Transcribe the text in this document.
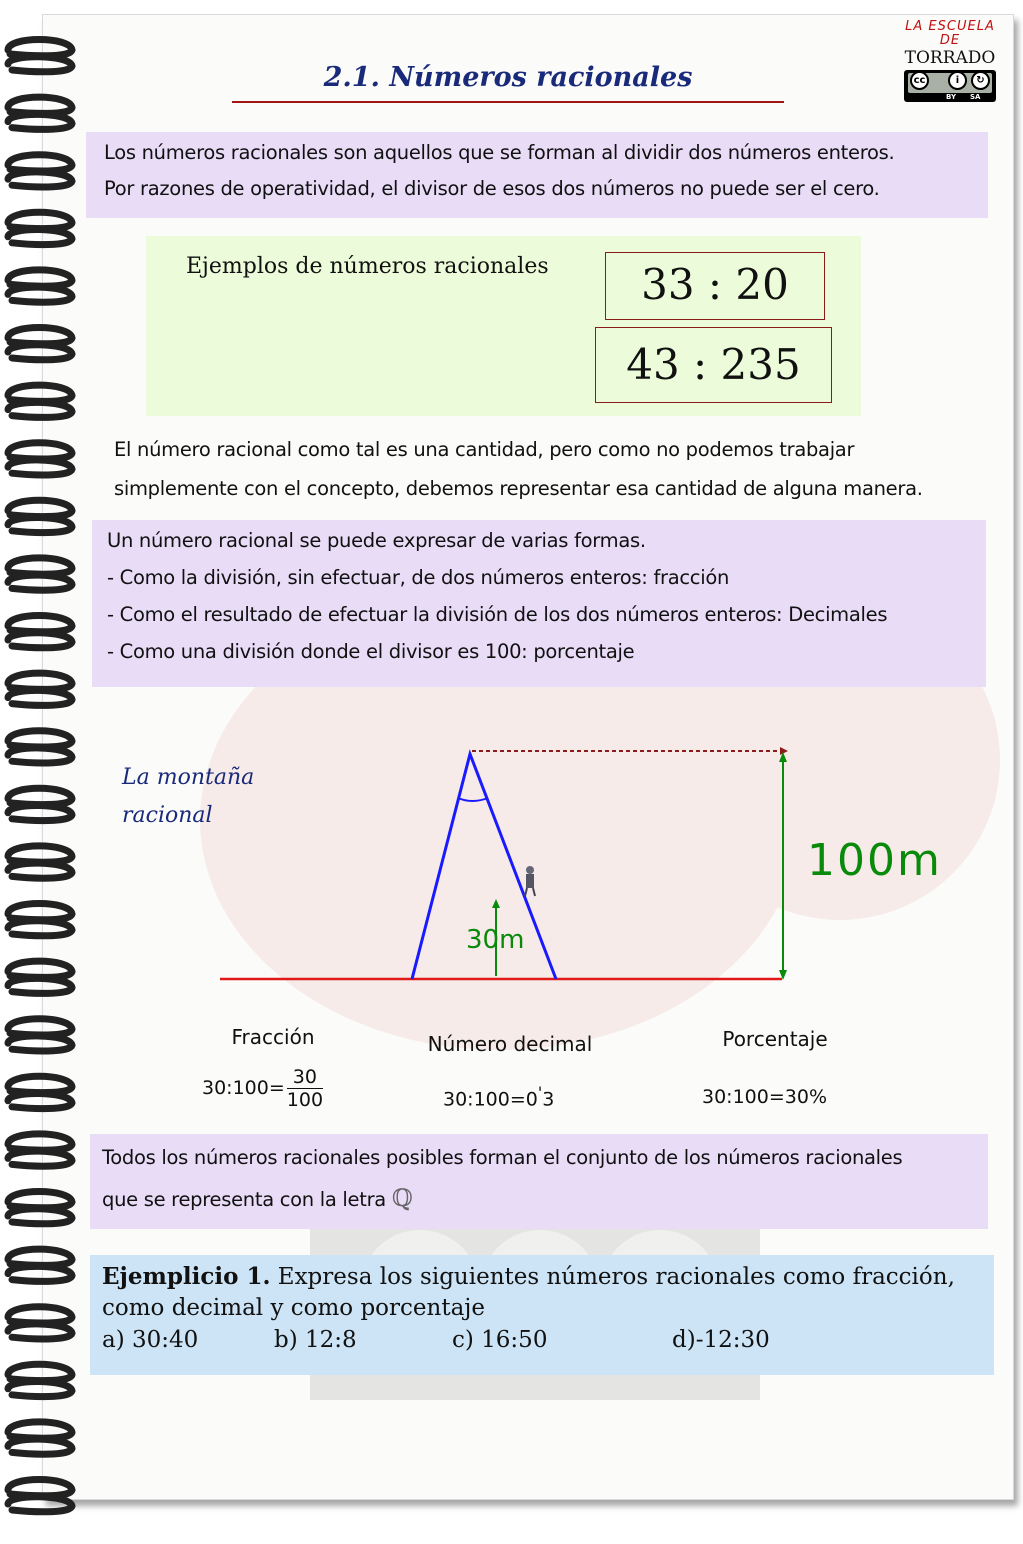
2.1. Números racionales
LA ESCUELA
DE
TORRADO
cc	i	↻
BY SA
Los números racionales son aquellos que se forman al dividir dos números enteros.
Por razones de operatividad, el divisor de esos dos números no puede ser el cero.
Ejemplos de números racionales	33 : 20
43 : 235
El número racional como tal es una cantidad, pero como no podemos trabajar
simplemente con el concepto, debemos representar esa cantidad de alguna manera.
Un número racional se puede expresar de varias formas.
- Como la división, sin efectuar, de dos números enteros: fracción
- Como el resultado de efectuar la división de los dos números enteros: Decimales
- Como una división donde el divisor es 100: porcentaje
La montaña
racional
100m
30m
Fracción
30:100= $\frac{30}{100}$
Número decimal
30:100=0'3
Porcentaje
30:100=30%
Todos los números racionales posibles forman el conjunto de los números racionales
que se representa con la letra ℚ
Ejemplicio 1. Expresa los siguientes números racionales como fracción,
como decimal y como porcentaje
a) 30:40	b) 12:8	c) 16:50	d)-12:30
